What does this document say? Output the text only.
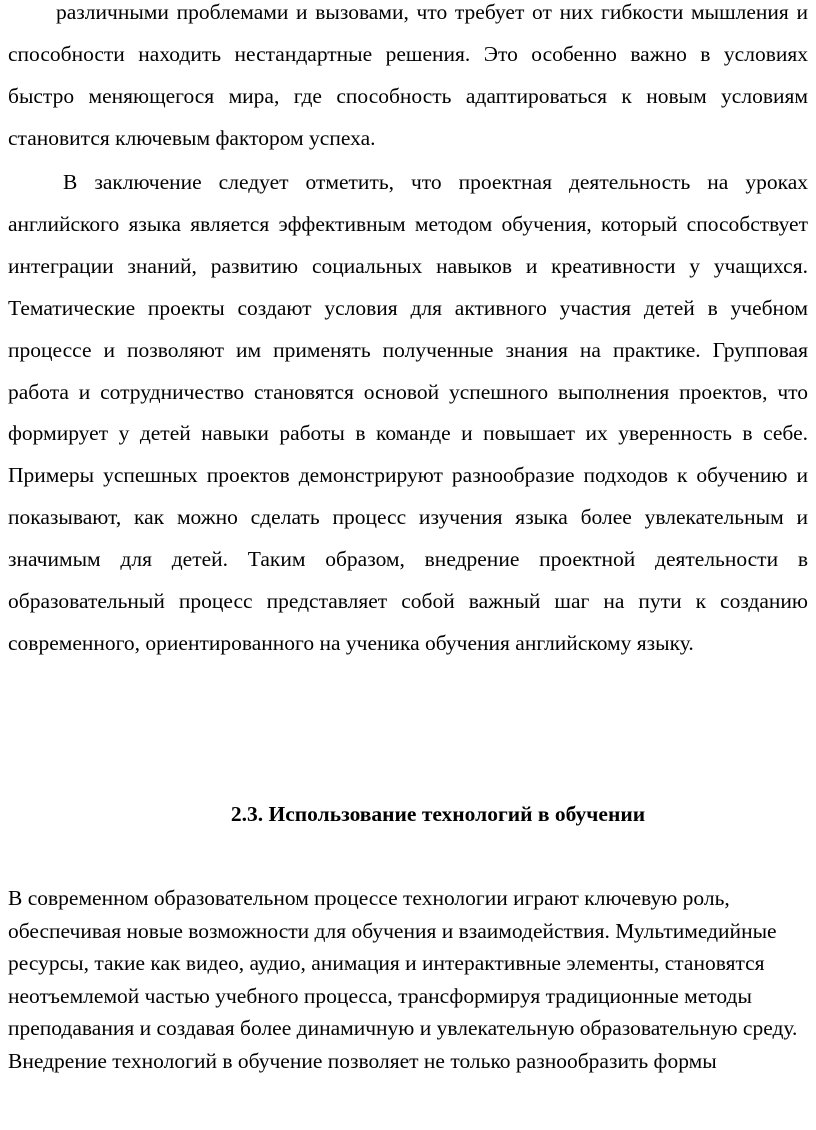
различными проблемами и вызовами, что требует от них гибкости мышления и способности находить нестандартные решения. Это особенно важно в условиях быстро меняющегося мира, где способность адаптироваться к новым условиям становится ключевым фактором успеха.

В заключение следует отметить, что проектная деятельность на уроках английского языка является эффективным методом обучения, который способствует интеграции знаний, развитию социальных навыков и креативности у учащихся. Тематические проекты создают условия для активного участия детей в учебном процессе и позволяют им применять полученные знания на практике. Групповая работа и сотрудничество становятся основой успешного выполнения проектов, что формирует у детей навыки работы в команде и повышает их уверенность в себе. Примеры успешных проектов демонстрируют разнообразие подходов к обучению и показывают, как можно сделать процесс изучения языка более увлекательным и значимым для детей. Таким образом, внедрение проектной деятельности в образовательный процесс представляет собой важный шаг на пути к созданию современного, ориентированного на ученика обучения английскому языку.

2.3. Использование технологий в обучении

В современном образовательном процессе технологии играют ключевую роль, обеспечивая новые возможности для обучения и взаимодействия. Мультимедийные ресурсы, такие как видео, аудио, анимация и интерактивные элементы, становятся неотъемлемой частью учебного процесса, трансформируя традиционные методы преподавания и создавая более динамичную и увлекательную образовательную среду. Внедрение технологий в обучение позволяет не только разнообразить формы
